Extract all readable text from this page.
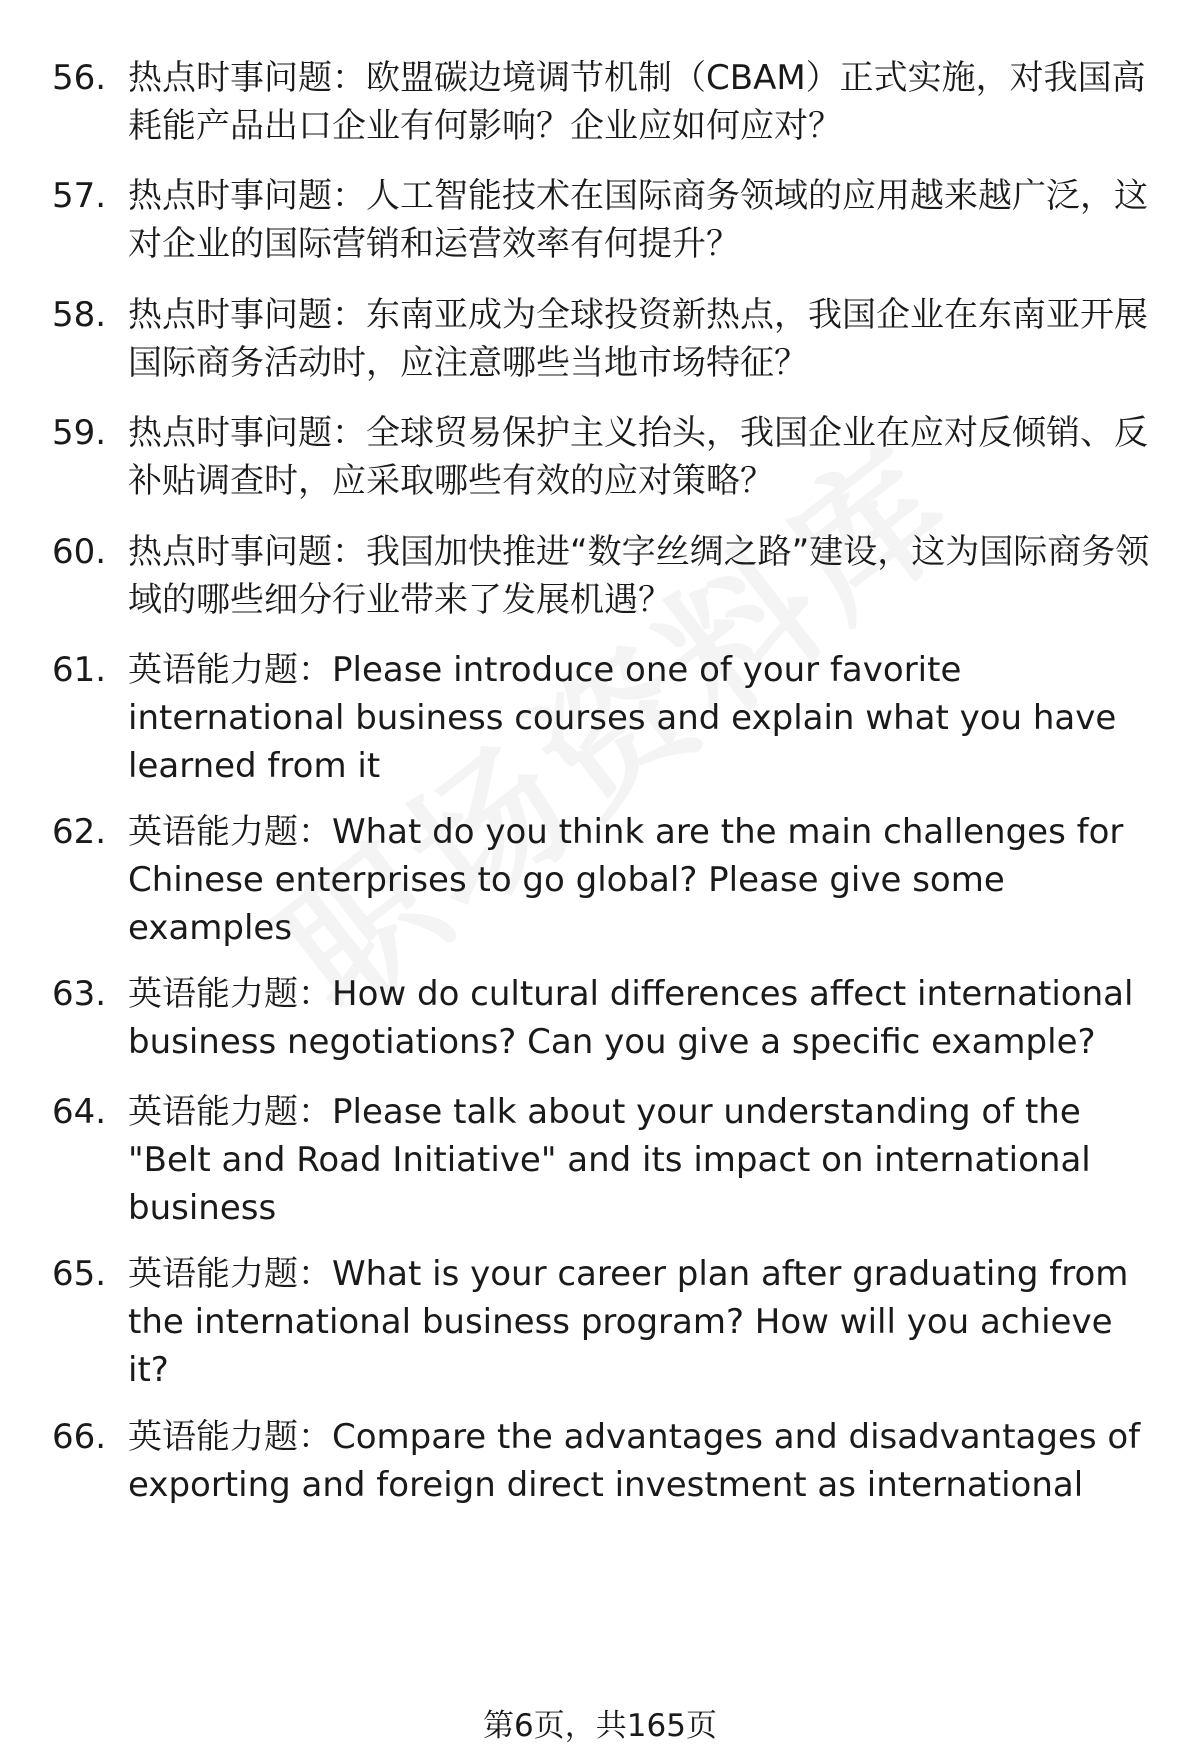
56. 热点时事问题：欧盟碳边境调节机制（CBAM）正式实施，对我国高耗能产品出口企业有何影响？企业应如何应对？
57. 热点时事问题：人工智能技术在国际商务领域的应用越来越广泛，这对企业的国际营销和运营效率有何提升？
58. 热点时事问题：东南亚成为全球投资新热点，我国企业在东南亚开展国际商务活动时，应注意哪些当地市场特征？
59. 热点时事问题：全球贸易保护主义抬头，我国企业在应对反倾销、反补贴调查时，应采取哪些有效的应对策略？
60. 热点时事问题：我国加快推进“数字丝绸之路”建设，这为国际商务领域的哪些细分行业带来了发展机遇？
61. 英语能力题：Please introduce one of your favorite international business courses and explain what you have learned from it
62. 英语能力题：What do you think are the main challenges for Chinese enterprises to go global? Please give some examples
63. 英语能力题：How do cultural differences affect international business negotiations? Can you give a specific example?
64. 英语能力题：Please talk about your understanding of the "Belt and Road Initiative" and its impact on international business
65. 英语能力题：What is your career plan after graduating from the international business program? How will you achieve it?
66. 英语能力题：Compare the advantages and disadvantages of exporting and foreign direct investment as international
第6页，共165页
